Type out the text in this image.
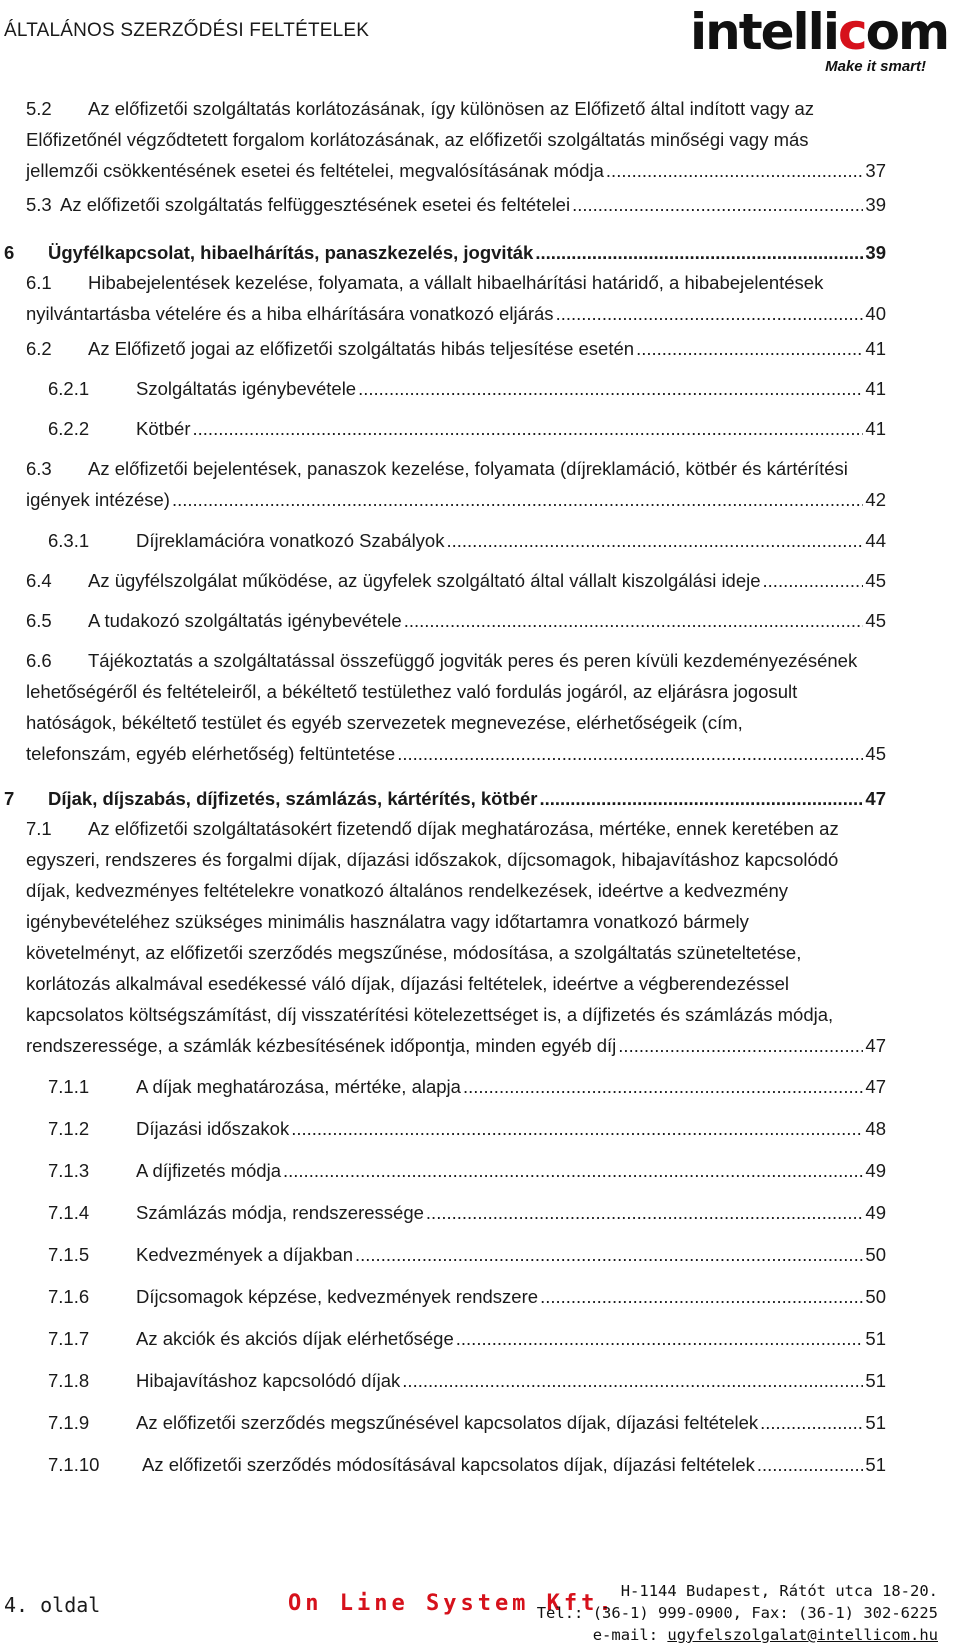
ÁLTALÁNOS SZERZŐDÉSI FELTÉTELEK	intellicom
Make it smart!
5.2 Az előfizetői szolgáltatás korlátozásának, így különösen az Előfizető által indított vagy az
Előfizetőnél végződtetett forgalom korlátozásának, az előfizetői szolgáltatás minőségi vagy más
jellemzői csökkentésének esetei és feltételei, megvalósításának módja .....	37
5.3 Az előfizetői szolgáltatás felfüggesztésének esetei és feltételei .....	39
6 Ügyfélkapcsolat, hibaelhárítás, panaszkezelés, jogviták .....	39
6.1 Hibabejelentések kezelése, folyamata, a vállalt hibaelhárítási határidő, a hibabejelentések
nyilvántartásba vételére és a hiba elhárítására vonatkozó eljárás .....	40
6.2 Az Előfizető jogai az előfizetői szolgáltatás hibás teljesítése esetén .....	41
6.2.1	Szolgáltatás igénybevétele .....	41
6.2.2	Kötbér .....	41
6.3 Az előfizetői bejelentések, panaszok kezelése, folyamata (díjreklamáció, kötbér és kártérítési
igények intézése) .....	42
6.3.1	Díjreklamációra vonatkozó Szabályok .....	44
6.4 Az ügyfélszolgálat működése, az ügyfelek szolgáltató által vállalt kiszolgálási ideje .....	45
6.5 A tudakozó szolgáltatás igénybevétele .....	45
6.6 Tájékoztatás a szolgáltatással összefüggő jogviták peres és peren kívüli kezdeményezésének
lehetőségéről és feltételeiről, a békéltető testülethez való fordulás jogáról, az eljárásra jogosult
hatóságok, békéltető testület és egyéb szervezetek megnevezése, elérhetőségeik (cím,
telefonszám, egyéb elérhetőség) feltüntetése .....	45
7 Díjak, díjszabás, díjfizetés, számlázás, kártérítés, kötbér .....	47
7.1 Az előfizetői szolgáltatásokért fizetendő díjak meghatározása, mértéke, ennek keretében az
egyszeri, rendszeres és forgalmi díjak, díjazási időszakok, díjcsomagok, hibajavításhoz kapcsolódó
díjak, kedvezményes feltételekre vonatkozó általános rendelkezések, ideértve a kedvezmény
igénybevételéhez szükséges minimális használatra vagy időtartamra vonatkozó bármely
követelményt, az előfizetői szerződés megszűnése, módosítása, a szolgáltatás szüneteltetése,
korlátozás alkalmával esedékessé váló díjak, díjazási feltételek, ideértve a végberendezéssel
kapcsolatos költségszámítást, díj visszatérítési kötelezettséget is, a díjfizetés és számlázás módja,
rendszeressége, a számlák kézbesítésének időpontja, minden egyéb díj .....	47
7.1.1	A díjak meghatározása, mértéke, alapja .....	47
7.1.2	Díjazási időszakok .....	48
7.1.3	A díjfizetés módja .....	49
7.1.4	Számlázás módja, rendszeressége .....	49
7.1.5	Kedvezmények a díjakban .....	50
7.1.6	Díjcsomagok képzése, kedvezmények rendszere .....	50
7.1.7	Az akciók és akciós díjak elérhetősége .....	51
7.1.8	Hibajavításhoz kapcsolódó díjak .....	51
7.1.9	Az előfizetői szerződés megszűnésével kapcsolatos díjak, díjazási feltételek .....	51
7.1.10 Az előfizetői szerződés módosításával kapcsolatos díjak, díjazási feltételek .....	51
4. oldal	On Line System Kft. H-1144 Budapest, Rátót utca 18-20.
Tel.: (36-1) 999-0900, Fax: (36-1) 302-6225
e-mail: ugyfelszolgalat@intellicom.hu
